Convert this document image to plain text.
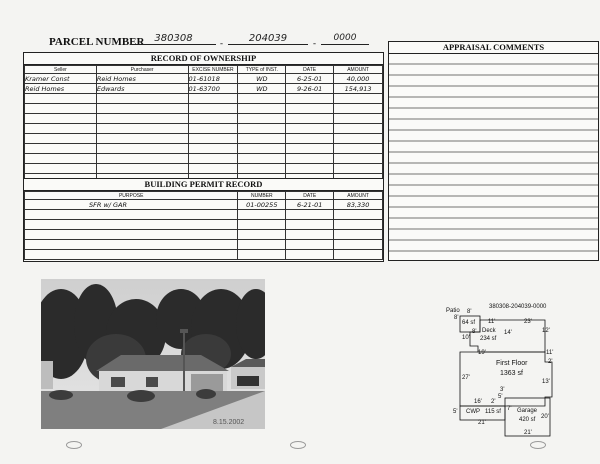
PARCEL NUMBER 380308	-	204039	-	0000
RECORD OF OWNERSHIP
Seller	Purchaser	EXCISE NUMBER	TYPE of INST.	DATE	AMOUNT
Kramer Const	Reid Homes	01-61018	WD	6-25-01	40,000
Reid Homes	Edwards	01-63700	WD	9-26-01	154,913

BUILDING PERMIT RECORD
PURPOSE	NUMBER	DATE	AMOUNT
SFR w/ GAR	01-00255	6-21-01	83,330

APPRAISAL COMMENTS
8.15.2002
380308-204039-0000
Patio
64 sf
Deck
234 sf
First Floor
1363 sf
CWP 115 sf	Garage
420 sf
8'
8'
11'	23'
8'	14'	12'
10'
19'	11'
2'
27'
13'
3'
5'
16' 2'
7'
20'
5'
21'
21'
